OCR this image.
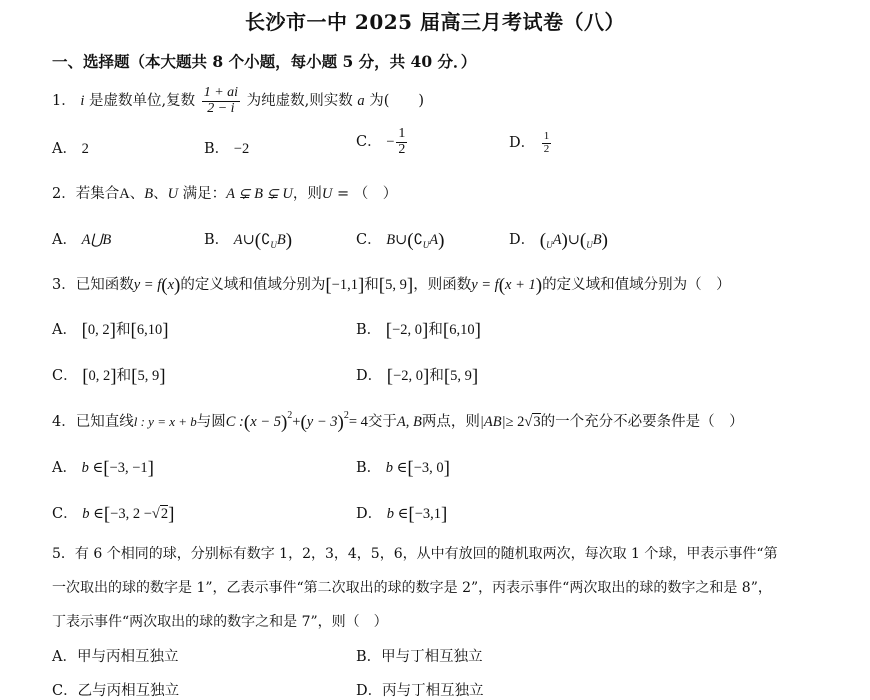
长沙市一中 2025 届高三月考试卷（八）
一、选择题（本大题共 8 个小题，每小题 5 分，共 40 分．）
1． i 是虚数单位,复数 $\frac{1 + ai}{2 - i}$ 为纯虚数,则实数 a 为(　　)
A． 2	B． −2	C． − $\frac{1}{2}$	D． $\frac{1}{2}$
2．若集合A、B、U 满足：A ⊊ B ⊊ U，则U = （　）
A． A⋃B	B． $A\cup(∁_UB)$	C． $B\cup(∁_UA)$	D． $(_UA)\cup(_UB)$
3．已知函数y = f(x)的定义域和值域分别为[−1,1]和[5, 9]，则函数y = f(x + 1)的定义域和值域分别为（　）
A． [0, 2]和[6,10]	B． [−2, 0]和[6,10]
C． [0, 2]和[5, 9]	D． [−2, 0]和[5, 9]
4．已知直线l : y = x + b与圆C :(x − $5)^2+(y - 3)^2= 4$交于A, B两点，则|AB|≥ 2√3的一个充分不必要条件是（　）
A． b ∈[−3, −1]	B． b ∈[−3, 0]
C． b ∈[−3, 2 −√2]	D． b ∈[−3,1]
5．有 6 个相同的球，分别标有数字 1，2，3，4，5，6，从中有放回的随机取两次，每次取 1 个球，甲表示事件“第
一次取出的球的数字是 1”，乙表示事件“第二次取出的球的数字是 2”，丙表示事件“两次取出的球的数字之和是 8”，
丁表示事件“两次取出的球的数字之和是 7”，则（　）
A．甲与丙相互独立	B．甲与丁相互独立
C．乙与丙相互独立	D．丙与丁相互独立
